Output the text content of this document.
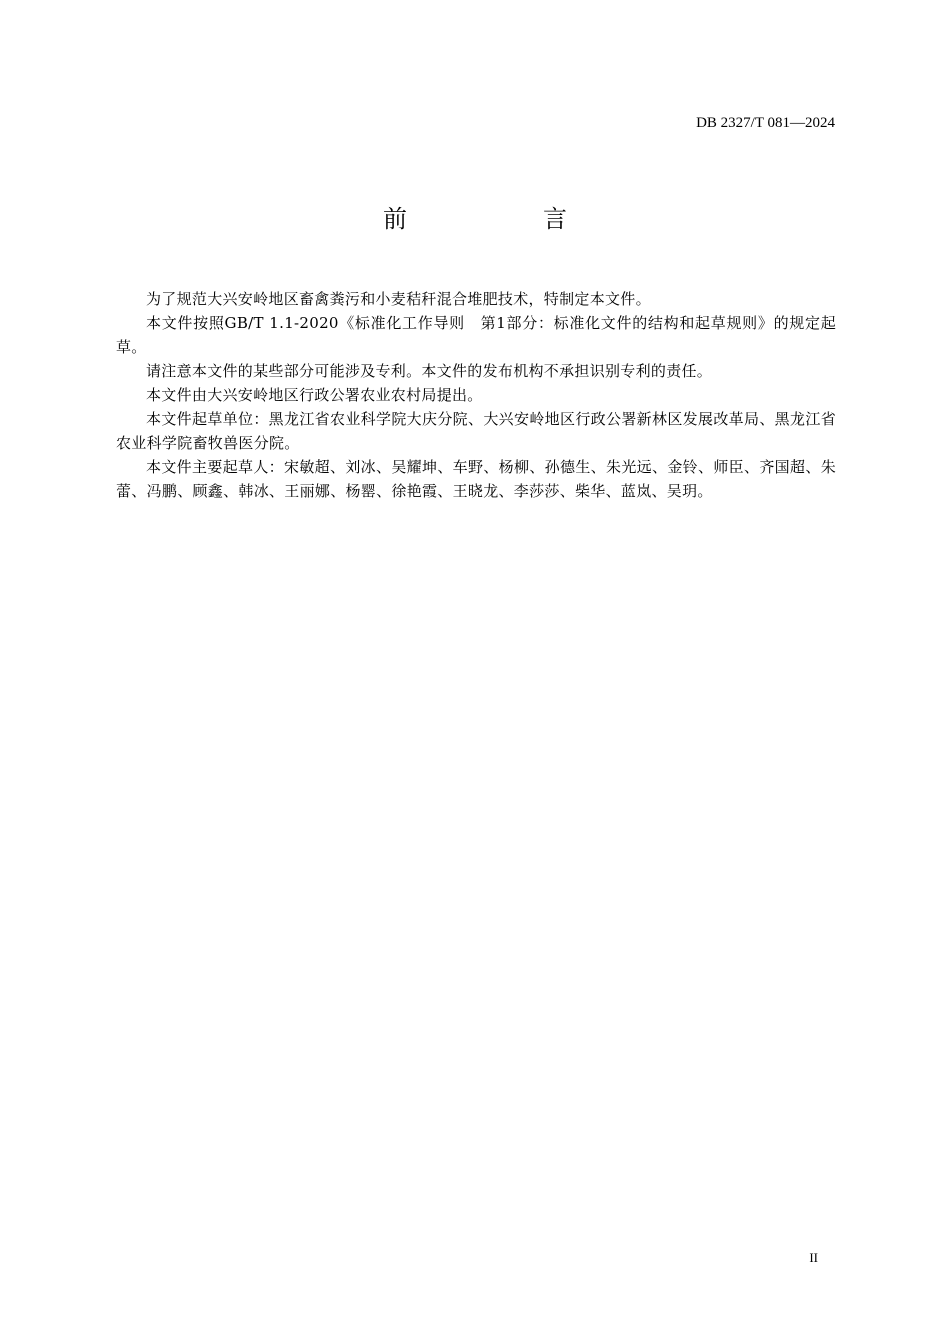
DB 2327/T 081—2024
前　言

为了规范大兴安岭地区畜禽粪污和小麦秸秆混合堆肥技术，特制定本文件。

本文件按照GB/T 1.1-2020《标准化工作导则　第1部分：标准化文件的结构和起草规则》的规定起草。

请注意本文件的某些部分可能涉及专利。本文件的发布机构不承担识别专利的责任。

本文件由大兴安岭地区行政公署农业农村局提出。

本文件起草单位：黑龙江省农业科学院大庆分院、大兴安岭地区行政公署新林区发展改革局、黑龙江省农业科学院畜牧兽医分院。

本文件主要起草人：宋敏超、刘冰、吴耀坤、车野、杨柳、孙德生、朱光远、金铃、师臣、齐国超、朱蕾、冯鹏、顾鑫、韩冰、王丽娜、杨罂、徐艳霞、王晓龙、李莎莎、柴华、蓝岚、吴玥。

II
